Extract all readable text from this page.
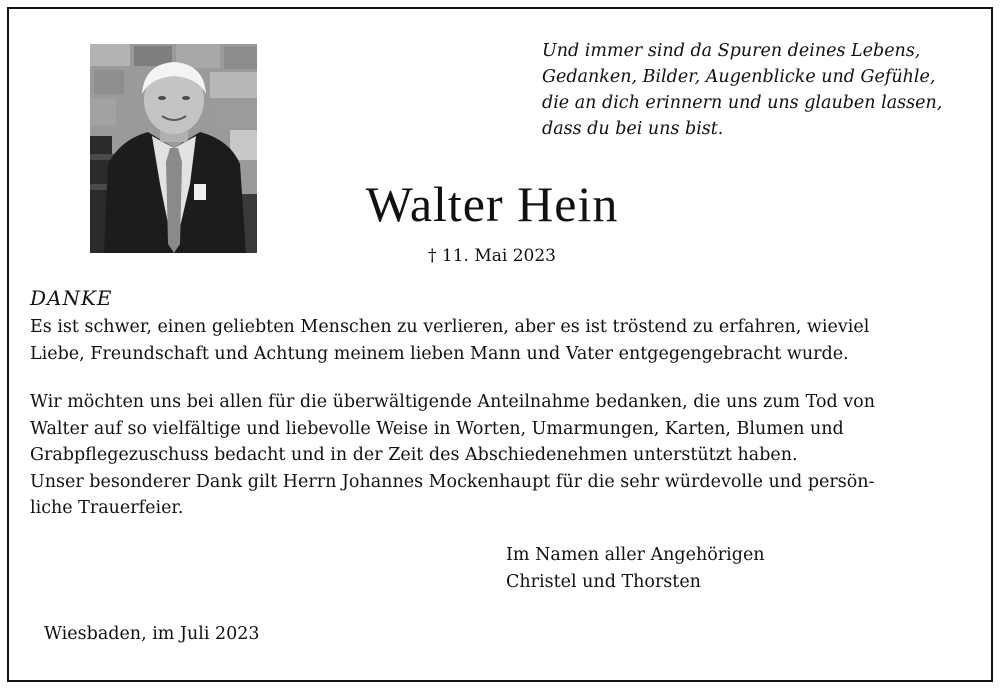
Und immer sind da Spuren deines Lebens,
Gedanken, Bilder, Augenblicke und Gefühle,
die an dich erinnern und uns glauben lassen,
dass du bei uns bist.
Walter Hein
† 11. Mai 2023
DANKE

Es ist schwer, einen geliebten Menschen zu verlieren, aber es ist tröstend zu erfahren, wieviel
Liebe, Freundschaft und Achtung meinem lieben Mann und Vater entgegengebracht wurde.

Wir möchten uns bei allen für die überwältigende Anteilnahme bedanken, die uns zum Tod von
Walter auf so vielfältige und liebevolle Weise in Worten, Umarmungen, Karten, Blumen und
Grabpflegezuschuss bedacht und in der Zeit des Abschiedenehmen unterstützt haben.
Unser besonderer Dank gilt Herrn Johannes Mockenhaupt für die sehr würdevolle und persön-
liche Trauerfeier.

Im Namen aller Angehörigen
Christel und Thorsten
Wiesbaden, im Juli 2023
